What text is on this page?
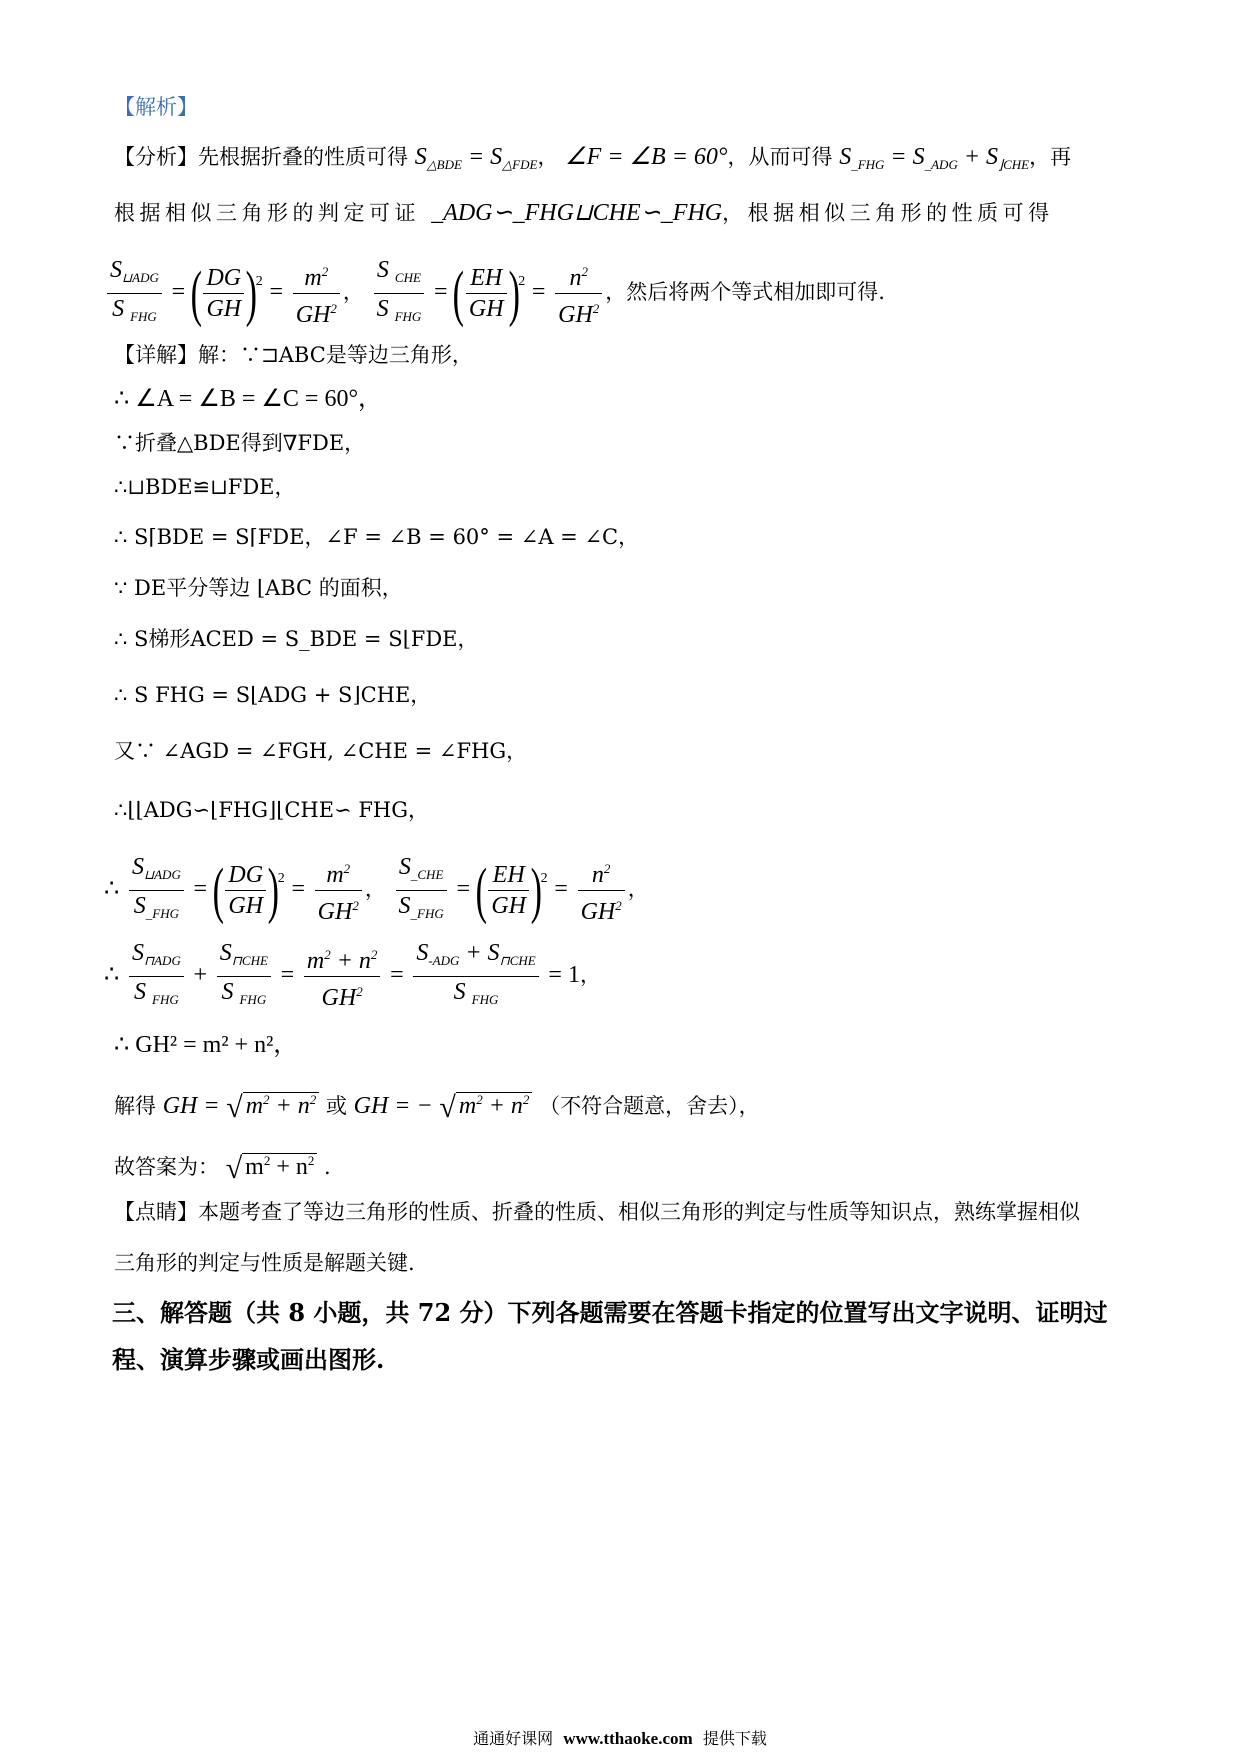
【解析】
【分析】先根据折叠的性质可得 $S_{\triangle BDE} = S_{\triangle FDE}$， ∠F = ∠B = 60°，从而可得 $S_{\_FHG} = S_{\_ADG} + S_{⌋CHE}$，再
根据相似三角形的判定可证 _ADG∽_FHG⊔CHE∽_FHG，根据相似三角形的性质可得
$\frac{S_{⊔ADG}}{S _{FHG}}$ = ( $\frac{DG}{GH} )2 = \frac{m^2}{GH^2}$ ， $\frac{S _{CHE}}{S _{FHG}}$ = ( $\frac{EH}{GH} )2 = \frac{n^2}{GH^2}$ ，然后将两个等式相加即可得.
【详解】解：∵⊐ABC是等边三角形，
∴ ∠A = ∠B = ∠C = 60°，
∵折叠△BDE得到∇FDE，
∴⊔BDE≌⊔FDE，
∴ S⌈BDE = S⌈FDE，∠F = ∠B = 60° = ∠A = ∠C，
∵ DE平分等边 ⌊ABC 的面积，
∴ S梯形ACED = S_BDE = S⌊FDE，
∴ S FHG = S⌊ADG + S⌋CHE，
又∵ ∠AGD = ∠FGH, ∠CHE = ∠FHG，
∴⌊⌊ADG∽⌊FHG⌋⌊CHE∽ FHG，
∴ $\frac{S_{⊔ADG}}{S_{\_FHG}}$ = ( $\frac{DG}{GH} )2 = \frac{m^2}{GH^2}$ ， $\frac{S_{\_CHE}}{S_{\_FHG}}$ = ( $\frac{EH}{GH} )2 = \frac{n^2}{GH^2}$ ，
∴ $\frac{S_{⊓ADG}}{S _{FHG}} + \frac{S_{⊓CHE}}{S _{FHG}} = \frac{m^2 + n^2}{GH^2} = \frac{S_{-ADG} + S_{⊓CHE}}{S _{FHG}} = 1$，
∴ GH² = m² + n²，
解得 GH = √ $m^2 + n^2$ 或 GH = − √ $m^2 + n^2$ （不符合题意，舍去），
故答案为： √ $m^2 + n^2$ .
【点睛】本题考查了等边三角形的性质、折叠的性质、相似三角形的判定与性质等知识点，熟练掌握相似
三角形的判定与性质是解题关键.
三、解答题（共 8 小题，共 72 分）下列各题需要在答题卡指定的位置写出文字说明、证明过
程、演算步骤或画出图形.
通通好课网 www.tthaoke.com 提供下载
